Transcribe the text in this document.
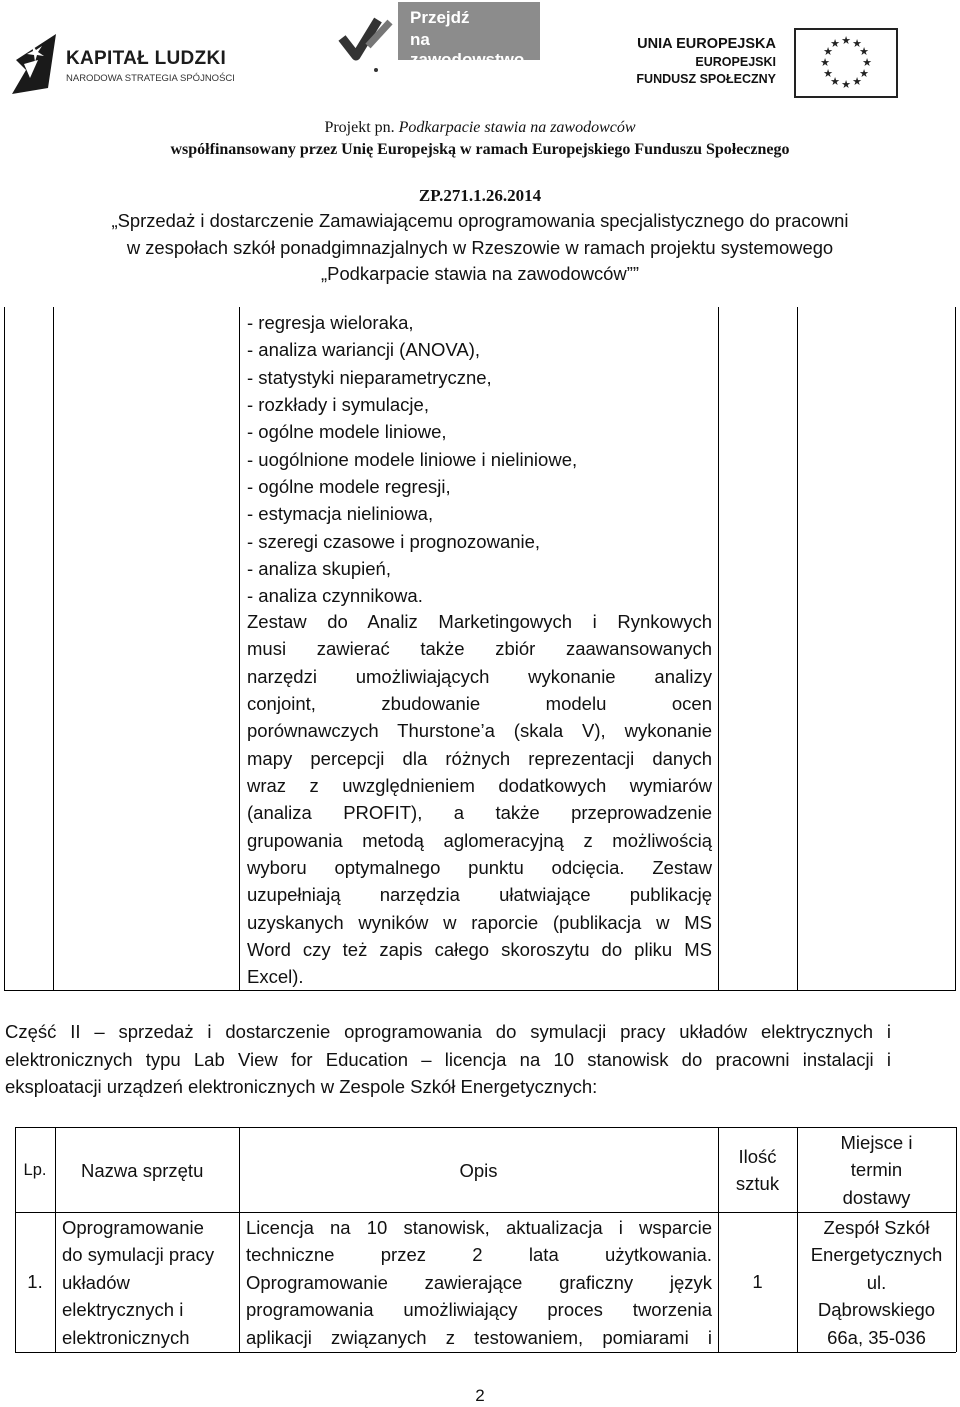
KAPITAŁ LUDZKI
NARODOWA STRATEGIA SPÓJNOŚCI
Przejdź
na zawodowstwo
UNIA EUROPEJSKA
EUROPEJSKI
FUNDUSZ SPOŁECZNY
★ ★
★
★
★
★
★
★
★
★
★
★
Projekt pn. Podkarpacie stawia na zawodowców
współfinansowany przez Unię Europejską w ramach Europejskiego Funduszu Społecznego
ZP.271.1.26.2014
„Sprzedaż i dostarczenie Zamawiającemu oprogramowania specjalistycznego do pracowni
w zespołach szkół ponadgimnazjalnych w Rzeszowie w ramach projektu systemowego
„Podkarpacie stawia na zawodowców””
- regresja wieloraka,
- analiza wariancji (ANOVA),
- statystyki nieparametryczne,
- rozkłady i symulacje,
- ogólne modele liniowe,
- uogólnione modele liniowe i nieliniowe,
- ogólne modele regresji,
- estymacja nieliniowa,
- szeregi czasowe i prognozowanie,
- analiza skupień,
- analiza czynnikowa.
Zestaw do Analiz Marketingowych i Rynkowych
musi zawierać także zbiór zaawansowanych
narzędzi umożliwiających wykonanie analizy
conjoint, zbudowanie modelu ocen
porównawczych Thurstone’a (skala V), wykonanie
mapy percepcji dla różnych reprezentacji danych
wraz z uwzględnieniem dodatkowych wymiarów
(analiza PROFIT), a także przeprowadzenie
grupowania metodą aglomeracyjną z możliwością
wyboru optymalnego punktu odcięcia. Zestaw
uzupełniają narzędzia ułatwiające publikację
uzyskanych wyników w raporcie (publikacja w MS
Word czy też zapis całego skoroszytu do pliku MS
Excel).
Część II – sprzedaż i dostarczenie oprogramowania do symulacji pracy układów elektrycznych i
elektronicznych typu Lab View for Education – licencja na 10 stanowisk do pracowni instalacji i
eksploatacji urządzeń elektronicznych w Zespole Szkół Energetycznych:
Lp.	Nazwa sprzętu	Opis
Ilość
sztuk
Miejsce i
termin
dostawy
1.
Oprogramowanie
do symulacji pracy
układów
elektrycznych i
elektronicznych
Licencja na 10 stanowisk, aktualizacja i wsparcie
techniczne przez 2 lata użytkowania.
Oprogramowanie zawierające graficzny język
programowania umożliwiający proces tworzenia
aplikacji związanych z testowaniem, pomiarami i
1
Zespół Szkół
Energetycznych
ul.
Dąbrowskiego
66a, 35-036
2
